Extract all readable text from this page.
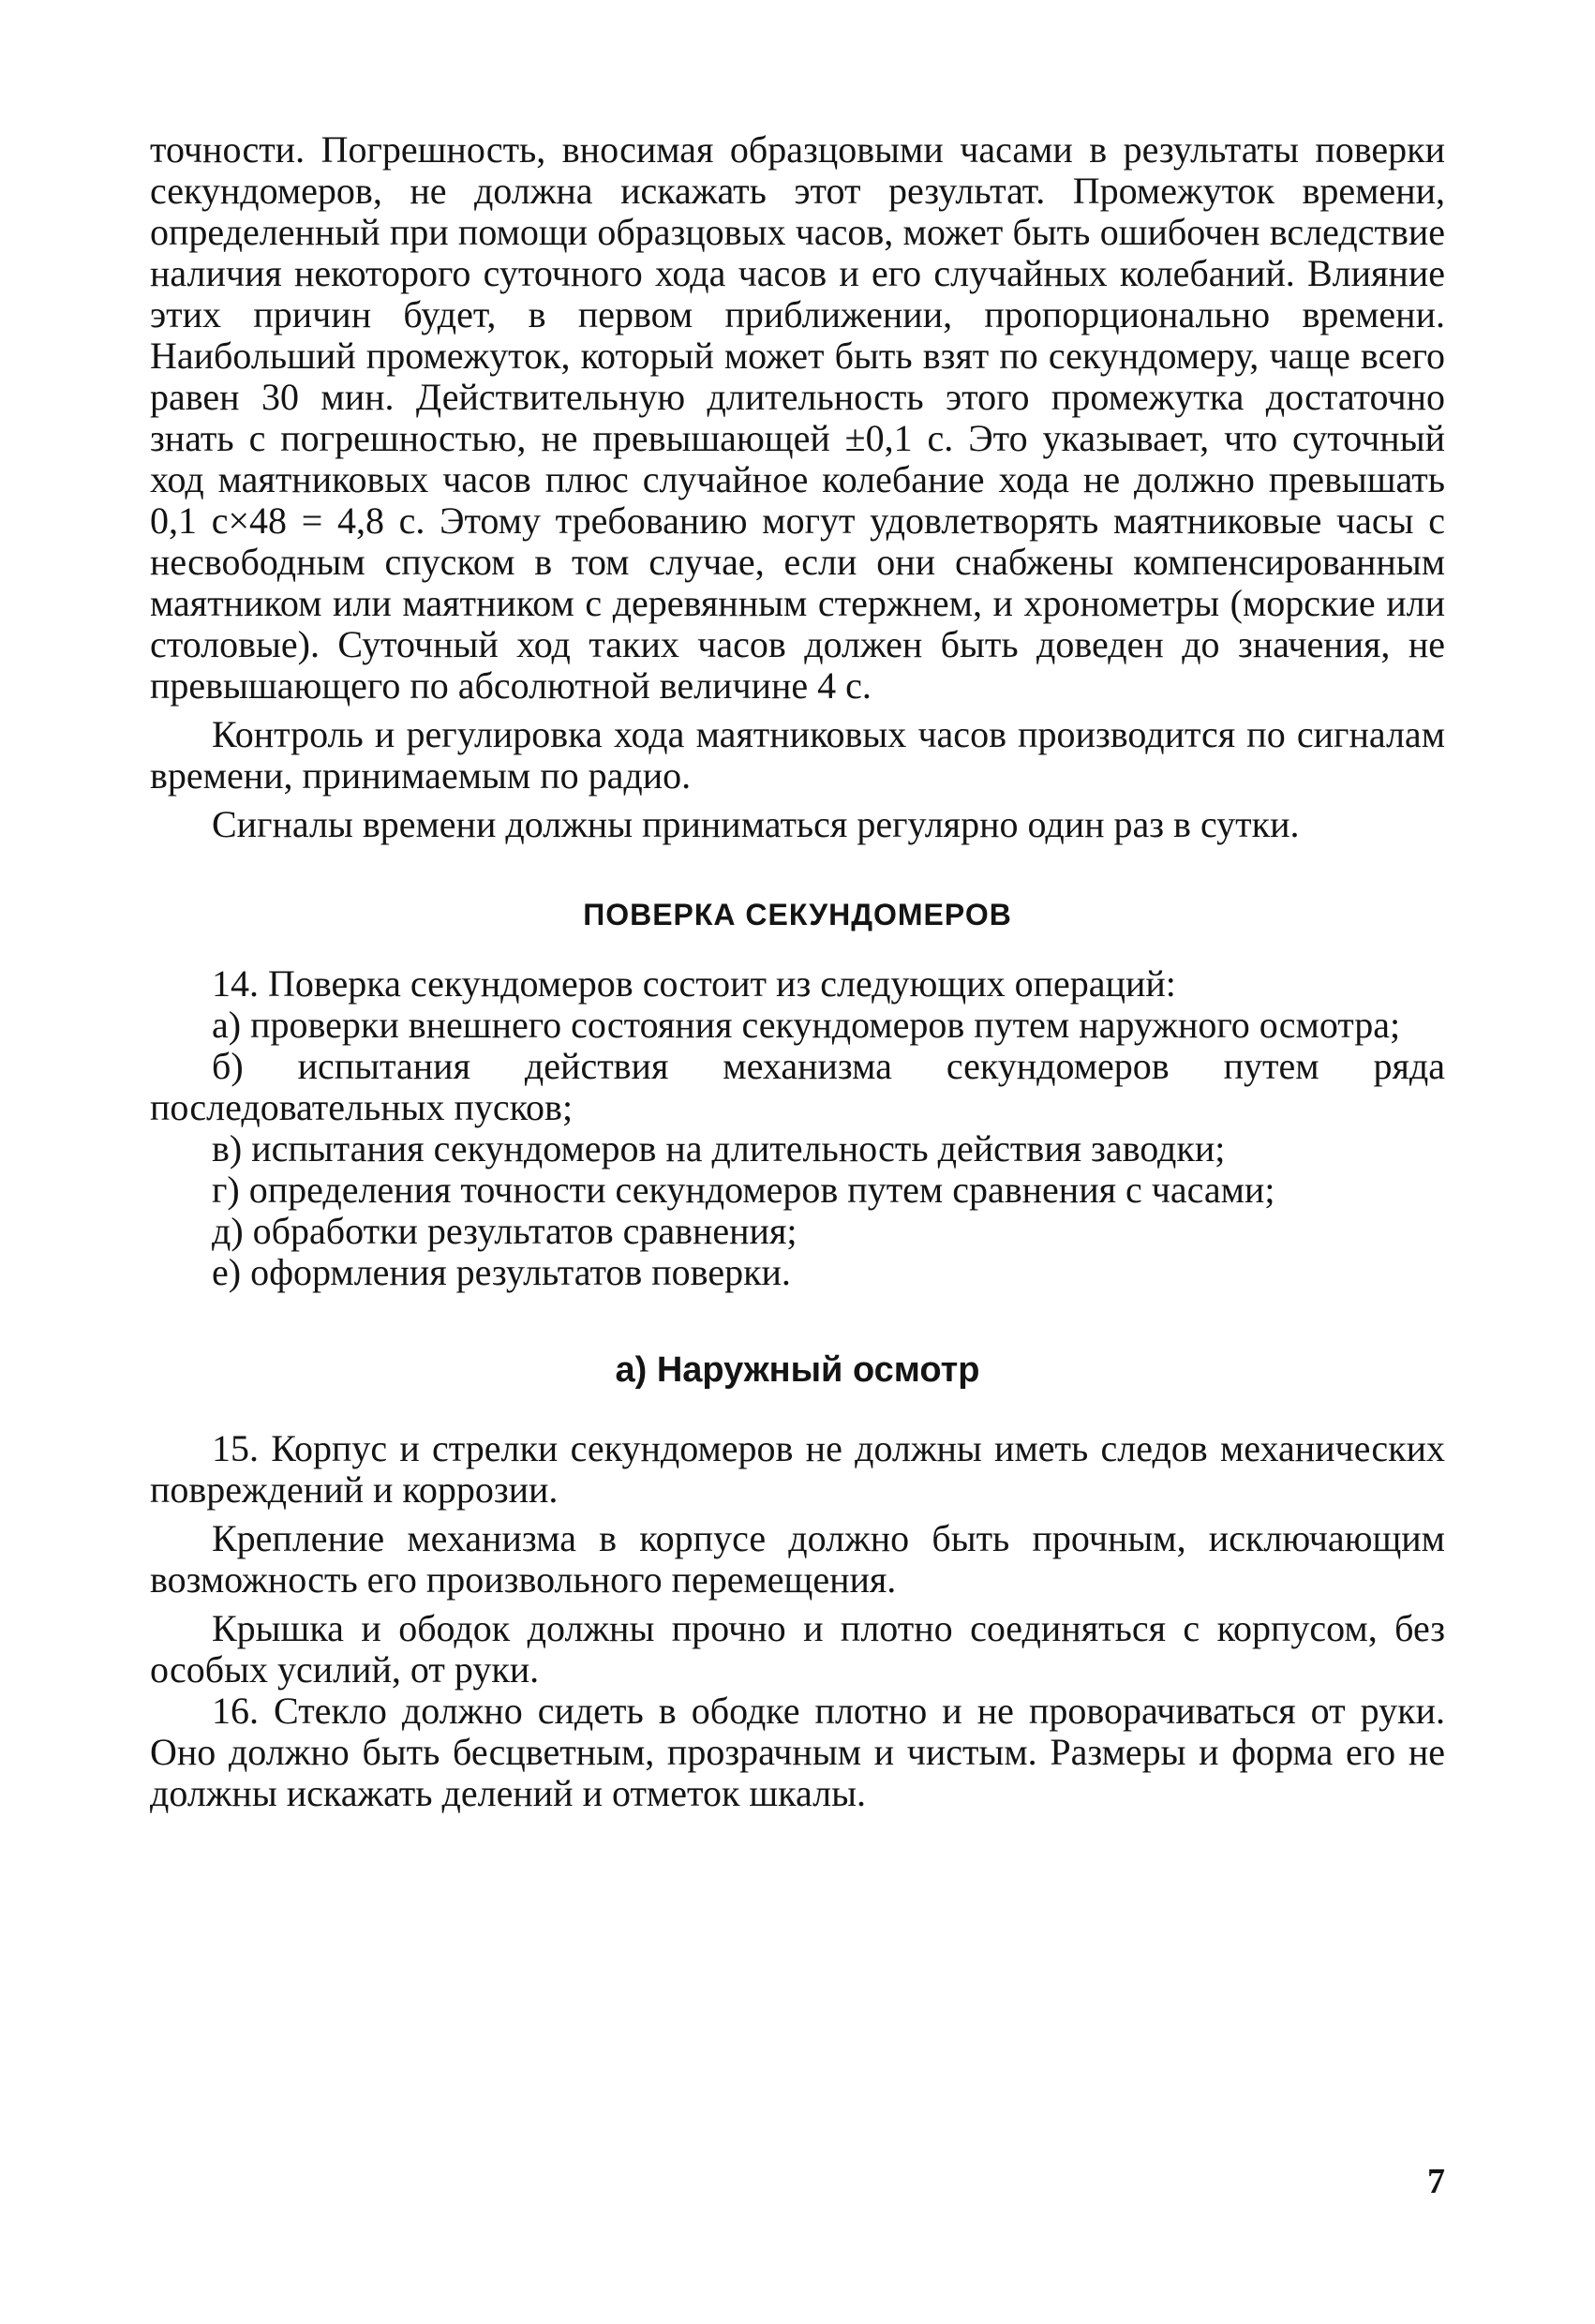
точности. Погрешность, вносимая образцовыми часами в результаты поверки секундомеров, не должна искажать этот результат. Промежуток времени, определенный при помощи образцовых часов, может быть ошибочен вследствие наличия некоторого суточного хода часов и его случайных колебаний. Влияние этих причин будет, в первом приближении, пропорционально времени. Наибольший промежуток, который может быть взят по секундомеру, чаще всего равен 30 мин. Действительную длительность этого промежутка достаточно знать с погрешностью, не превышающей ±0,1 с. Это указывает, что суточный ход маятниковых часов плюс случайное колебание хода не должно превышать 0,1 с×48 = 4,8 с. Этому требованию могут удовлетворять маятниковые часы с несвободным спуском в том случае, если они снабжены компенсированным маятником или маятником с деревянным стержнем, и хронометры (морские или столовые). Суточный ход таких часов должен быть доведен до значения, не превышающего по абсолютной величине 4 с.

Контроль и регулировка хода маятниковых часов производится по сигналам времени, принимаемым по радио.

Сигналы времени должны приниматься регулярно один раз в сутки.

ПОВЕРКА СЕКУНДОМЕРОВ

14. Поверка секундомеров состоит из следующих операций:

а) проверки внешнего состояния секундомеров путем наружного осмотра;

б) испытания действия механизма секундомеров путем ряда последовательных пусков;

в) испытания секундомеров на длительность действия заводки;

г) определения точности секундомеров путем сравнения с часами;

д) обработки результатов сравнения;

е) оформления результатов поверки.

а) Наружный осмотр

15. Корпус и стрелки секундомеров не должны иметь следов механических повреждений и коррозии.

Крепление механизма в корпусе должно быть прочным, исключающим возможность его произвольного перемещения.

Крышка и ободок должны прочно и плотно соединяться с корпусом, без особых усилий, от руки.

16. Стекло должно сидеть в ободке плотно и не проворачиваться от руки. Оно должно быть бесцветным, прозрачным и чистым. Размеры и форма его не должны искажать делений и отметок шкалы.

7
